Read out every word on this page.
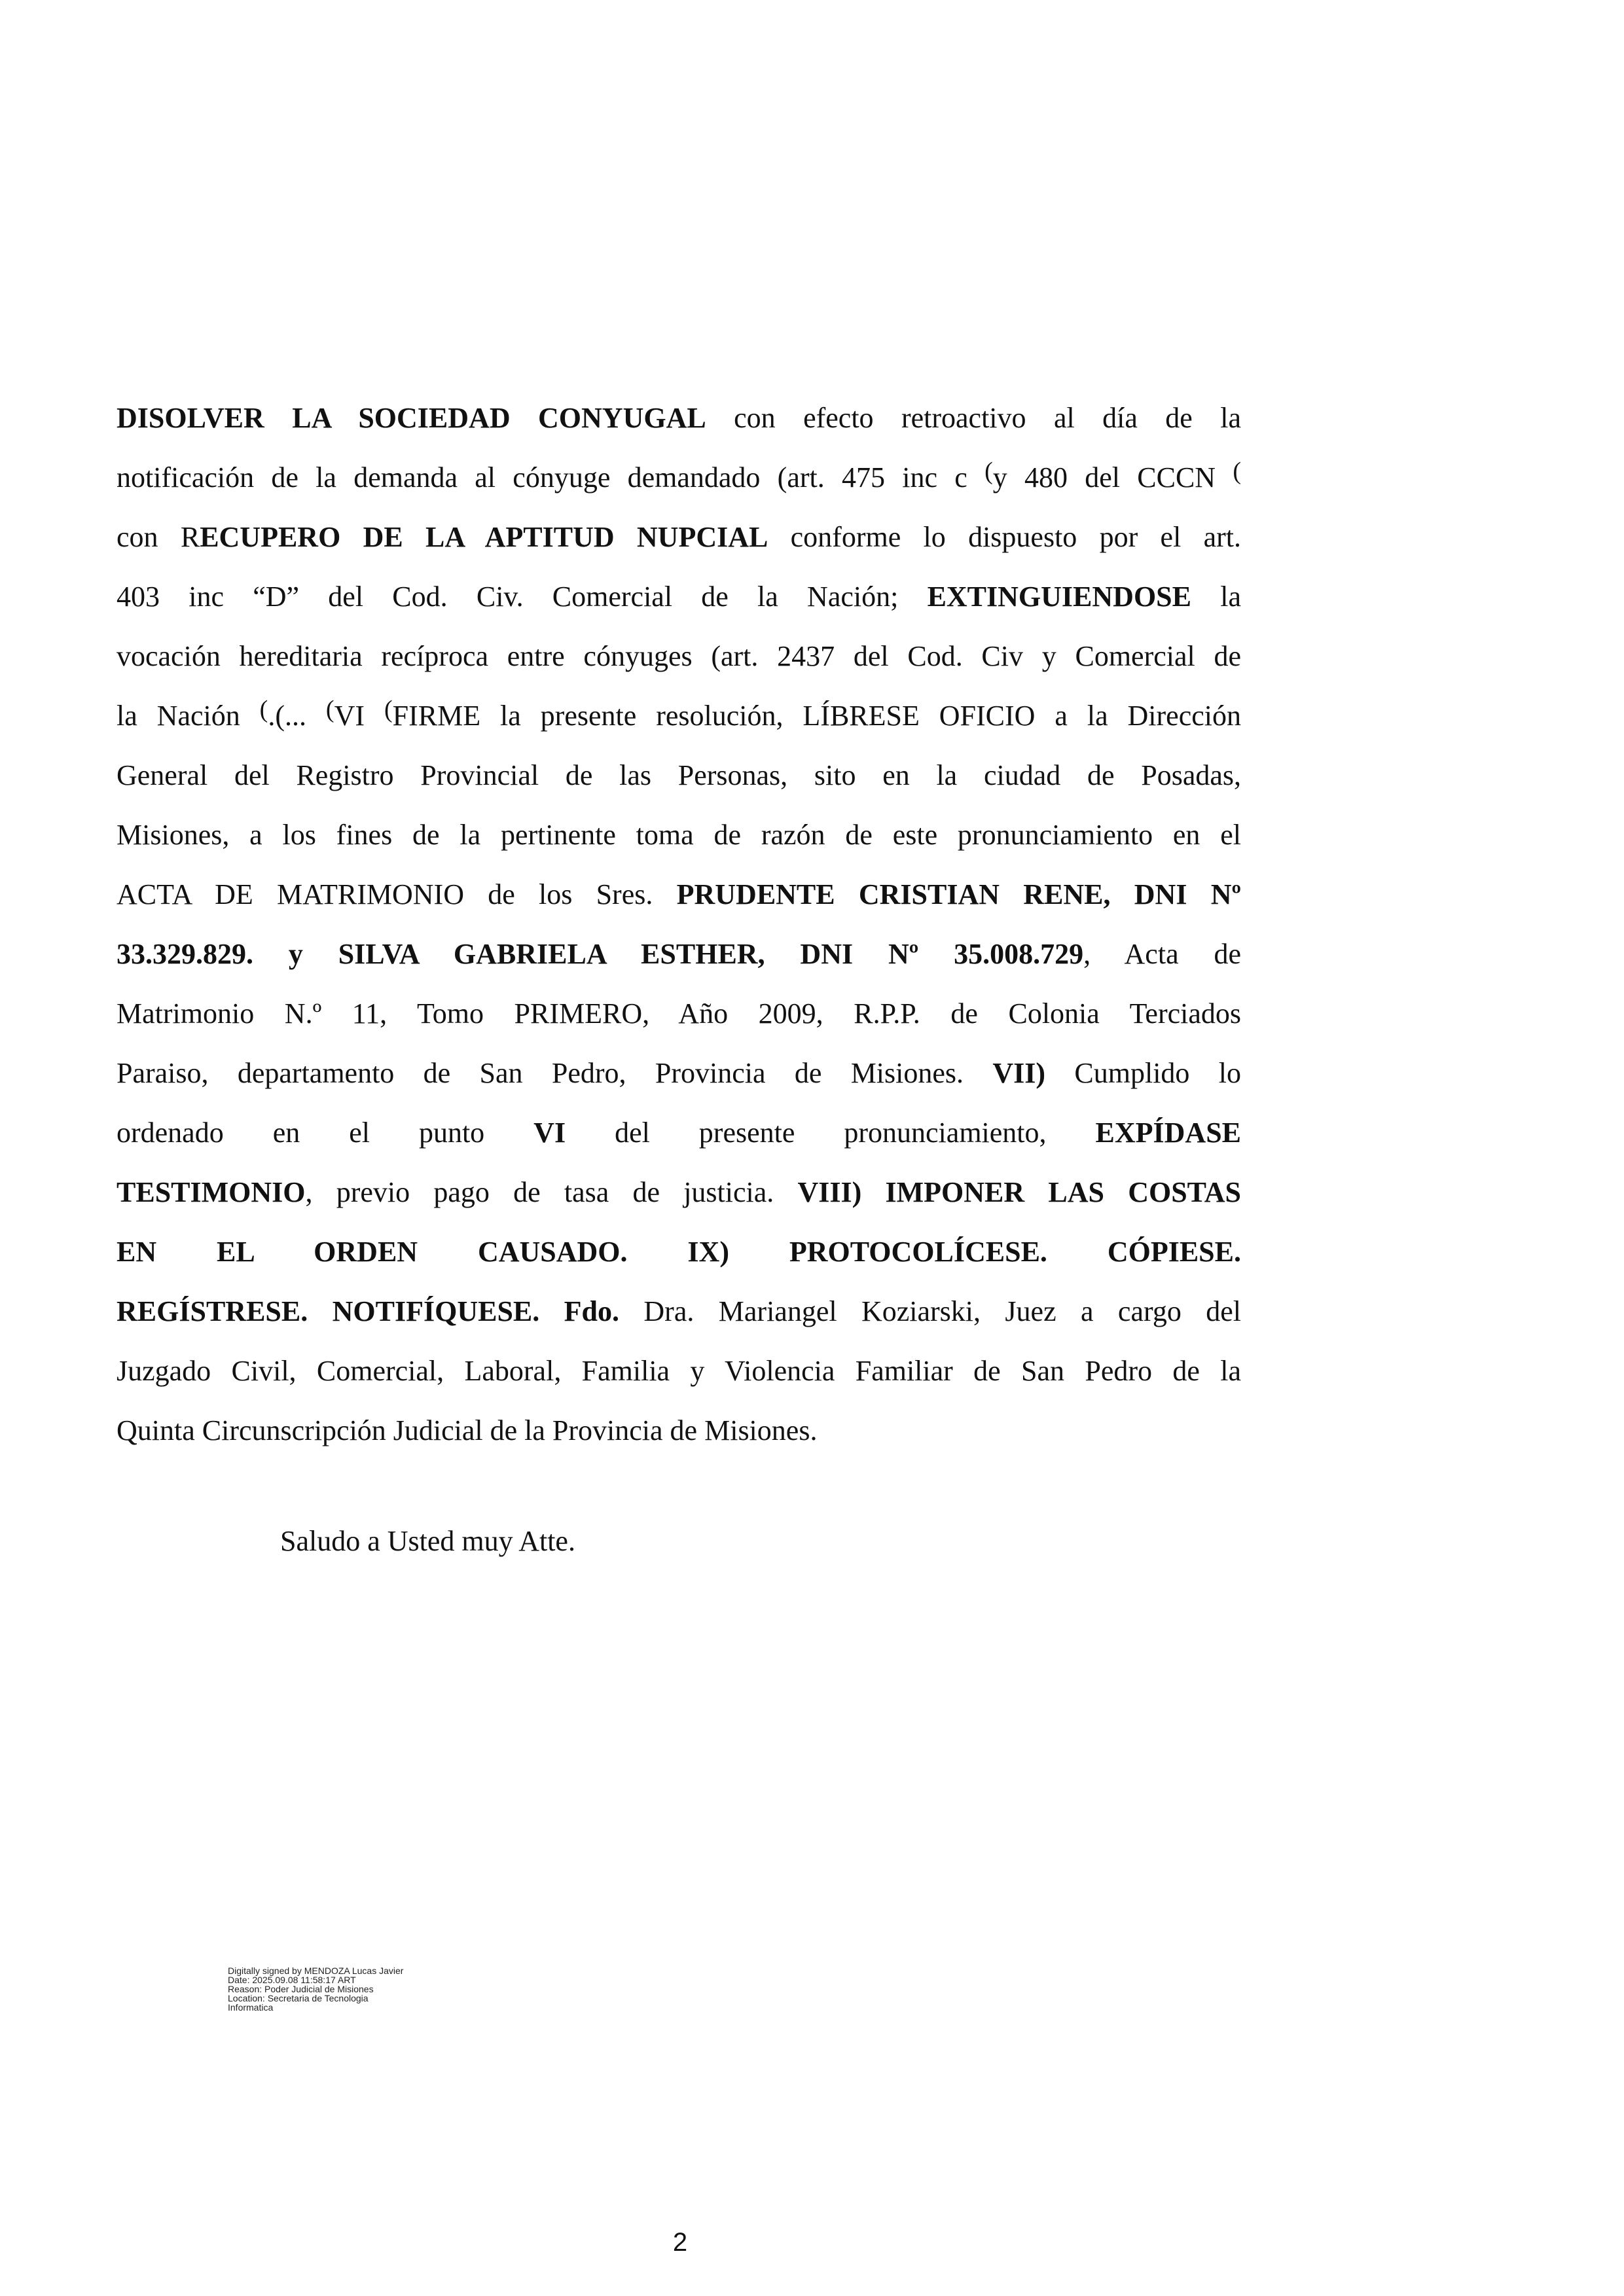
DISOLVER LA SOCIEDAD CONYUGAL con efecto retroactivo al día de la
notificación de la demanda al cónyuge demandado (art. 475 inc c (y 480 del CCCN (
con RECUPERO DE LA APTITUD NUPCIAL conforme lo dispuesto por el art.
403 inc “D” del Cod. Civ. Comercial de la Nación; EXTINGUIENDOSE la
vocación hereditaria recíproca entre cónyuges (art. 2437 del Cod. Civ y Comercial de
la Nación (.(... (VI (FIRME la presente resolución, LÍBRESE OFICIO a la Dirección
General del Registro Provincial de las Personas, sito en la ciudad de Posadas,
Misiones, a los fines de la pertinente toma de razón de este pronunciamiento en el
ACTA DE MATRIMONIO de los Sres. PRUDENTE CRISTIAN RENE, DNI Nº
33.329.829. y SILVA GABRIELA ESTHER, DNI Nº 35.008.729, Acta de
Matrimonio N.º 11, Tomo PRIMERO, Año 2009, R.P.P. de Colonia Terciados
Paraiso, departamento de San Pedro, Provincia de Misiones. VII) Cumplido lo
ordenado en el punto VI del presente pronunciamiento, EXPÍDASE
TESTIMONIO, previo pago de tasa de justicia. VIII) IMPONER LAS COSTAS
EN EL ORDEN CAUSADO. IX) PROTOCOLÍCESE. CÓPIESE.
REGÍSTRESE. NOTIFÍQUESE. Fdo. Dra. Mariangel Koziarski, Juez a cargo del
Juzgado Civil, Comercial, Laboral, Familia y Violencia Familiar de San Pedro de la
Quinta Circunscripción Judicial de la Provincia de Misiones.
Saludo a Usted muy Atte.
Digitally signed by MENDOZA Lucas Javier
Date: 2025.09.08 11:58:17 ART
Reason: Poder Judicial de Misiones
Location: Secretaria de Tecnologia
Informatica
2
